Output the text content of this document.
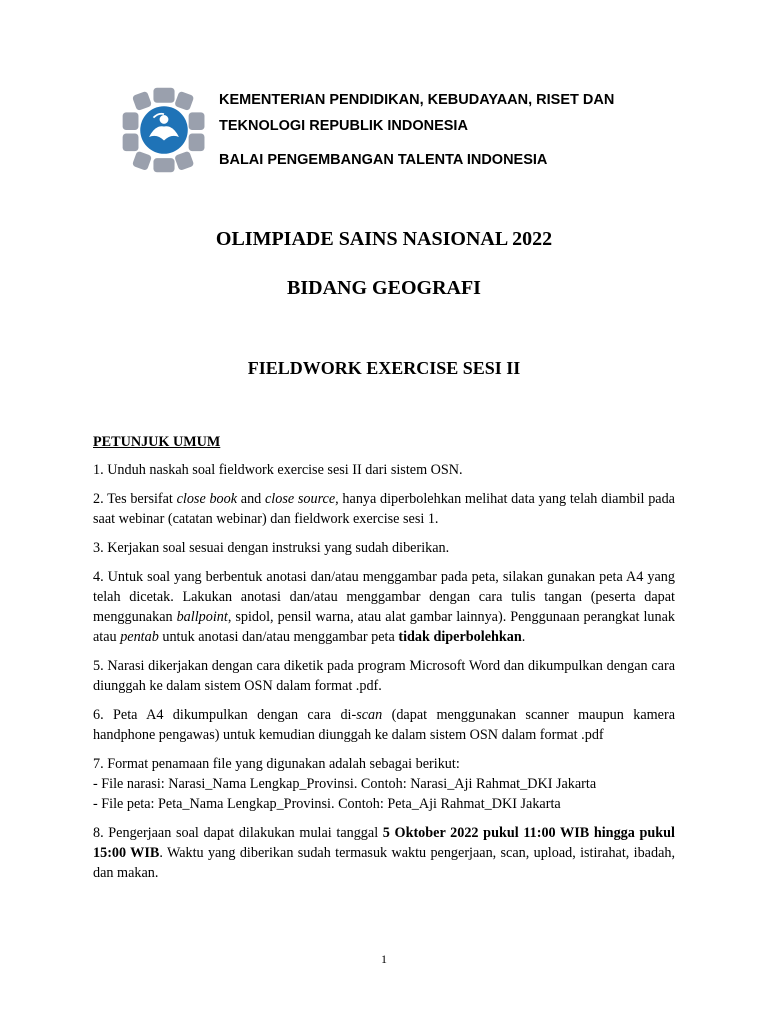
KEMENTERIAN PENDIDIKAN, KEBUDAYAAN, RISET DAN
TEKNOLOGI REPUBLIK INDONESIA
BALAI PENGEMBANGAN TALENTA INDONESIA
OLIMPIADE SAINS NASIONAL 2022
BIDANG GEOGRAFI
FIELDWORK EXERCISE SESI II
PETUNJUK UMUM
1. Unduh naskah soal fieldwork exercise sesi II dari sistem OSN.
2. Tes bersifat close book and close source, hanya diperbolehkan melihat data yang telah diambil pada saat webinar (catatan webinar) dan fieldwork exercise sesi 1.
3. Kerjakan soal sesuai dengan instruksi yang sudah diberikan.
4. Untuk soal yang berbentuk anotasi dan/atau menggambar pada peta, silakan gunakan peta A4 yang telah dicetak. Lakukan anotasi dan/atau menggambar dengan cara tulis tangan (peserta dapat menggunakan ballpoint, spidol, pensil warna, atau alat gambar lainnya). Penggunaan perangkat lunak atau pentab untuk anotasi dan/atau menggambar peta tidak diperbolehkan.
5. Narasi dikerjakan dengan cara diketik pada program Microsoft Word dan dikumpulkan dengan cara diunggah ke dalam sistem OSN dalam format .pdf.
6. Peta A4 dikumpulkan dengan cara di-scan (dapat menggunakan scanner maupun kamera handphone pengawas) untuk kemudian diunggah ke dalam sistem OSN dalam format .pdf
7. Format penamaan file yang digunakan adalah sebagai berikut:
- File narasi: Narasi_Nama Lengkap_Provinsi. Contoh: Narasi_Aji Rahmat_DKI Jakarta
- File peta: Peta_Nama Lengkap_Provinsi. Contoh: Peta_Aji Rahmat_DKI Jakarta
8. Pengerjaan soal dapat dilakukan mulai tanggal 5 Oktober 2022 pukul 11:00 WIB hingga pukul 15:00 WIB. Waktu yang diberikan sudah termasuk waktu pengerjaan, scan, upload, istirahat, ibadah, dan makan.
1
